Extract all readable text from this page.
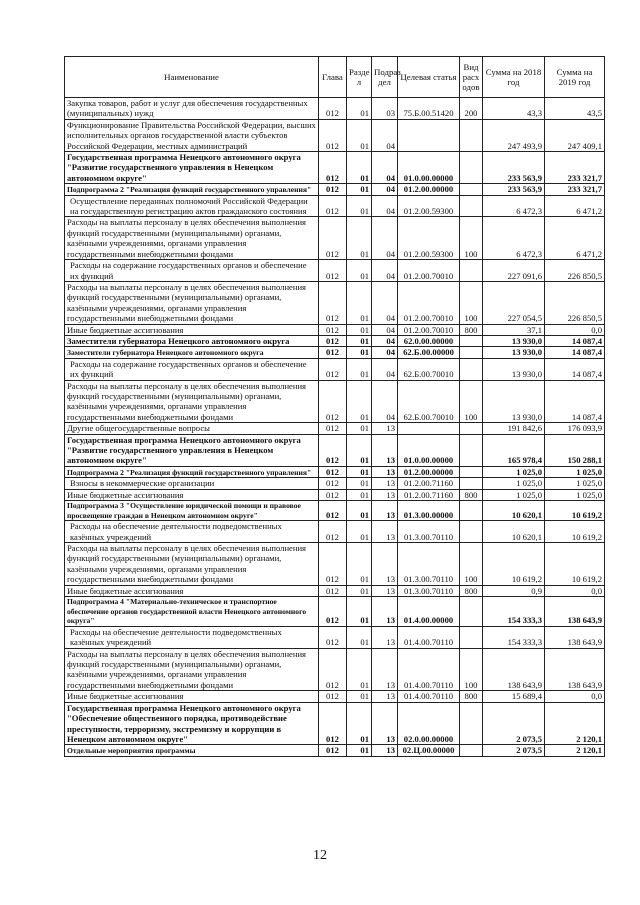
Наименование	Глава	Разде л	Подраз дел	Целевая статья	Вид расх одов	Сумма на 2018 год	Сумма на 2019 год
Закупка товаров, работ и услуг для обеспечения государственных (муниципальных) нужд	012	01	03	75.Б.00.51420	200	43,3	43,5
Функционирование Правительства Российской Федерации, высших исполнительных органов государственной власти субъектов Российской Федерации, местных администраций	012	01	04			247 493,9	247 409,1
Государственная программа Ненецкого автономного округа "Развитие государственного управления в Ненецком автономном округе"	012	01	04	01.0.00.00000		233 563,9	233 321,7
Подпрограмма 2 "Реализация функций государственного управления"	012	01	04	01.2.00.00000		233 563,9	233 321,7
Осуществление переданных полномочий Российской Федерации на государственную регистрацию актов гражданского состояния	012	01	04	01.2.00.59300		6 472,3	6 471,2
Расходы на выплаты персоналу в целях обеспечения выполнения функций государственными (муниципальными) органами, казёнными учреждениями, органами управления государственными внебюджетными фондами	012	01	04	01.2.00.59300	100	6 472,3	6 471,2
Расходы на содержание государственных органов и обеспечение их функций	012	01	04	01.2.00.70010		227 091,6	226 850,5
Расходы на выплаты персоналу в целях обеспечения выполнения функций государственными (муниципальными) органами, казёнными учреждениями, органами управления государственными внебюджетными фондами	012	01	04	01.2.00.70010	100	227 054,5	226 850,5
Иные бюджетные ассигнования	012	01	04	01.2.00.70010	800	37,1	0,0
Заместители губернатора Ненецкого автономного округа	012	01	04	62.0.00.00000		13 930,0	14 087,4
Заместители губернатора Ненецкого автономного округа	012	01	04	62.Б.00.00000		13 930,0	14 087,4
Расходы на содержание государственных органов и обеспечение их функций	012	01	04	62.Б.00.70010		13 930,0	14 087,4
Расходы на выплаты персоналу в целях обеспечения выполнения функций государственными (муниципальными) органами, казёнными учреждениями, органами управления государственными внебюджетными фондами	012	01	04	62.Б.00.70010	100	13 930,0	14 087,4
Другие общегосударственные вопросы	012	01	13			191 842,6	176 093,9
Государственная программа Ненецкого автономного округа "Развитие государственного управления в Ненецком автономном округе"	012	01	13	01.0.00.00000		165 978,4	150 288,1
Подпрограмма 2 "Реализация функций государственного управления"	012	01	13	01.2.00.00000		1 025,0	1 025,0
Взносы в некоммерческие организации	012	01	13	01.2.00.71160		1 025,0	1 025,0
Иные бюджетные ассигнования	012	01	13	01.2.00.71160	800	1 025,0	1 025,0
Подпрограмма 3 "Осуществление юридической помощи и правовое просвещение граждан в Ненецком автономном округе"	012	01	13	01.3.00.00000		10 620,1	10 619,2
Расходы на обеспечение деятельности подведомственных казённых учреждений	012	01	13	01.3.00.70110		10 620,1	10 619,2
Расходы на выплаты персоналу в целях обеспечения выполнения функций государственными (муниципальными) органами, казёнными учреждениями, органами управления государственными внебюджетными фондами	012	01	13	01.3.00.70110	100	10 619,2	10 619,2
Иные бюджетные ассигнования	012	01	13	01.3.00.70110	800	0,9	0,0
Подпрограмма 4 "Материально-техническое и транспортное обеспечение органов государственной власти Ненецкого автономного округа"	012	01	13	01.4.00.00000		154 333,3	138 643,9
Расходы на обеспечение деятельности подведомственных казённых учреждений	012	01	13	01.4.00.70110		154 333,3	138 643,9
Расходы на выплаты персоналу в целях обеспечения выполнения функций государственными (муниципальными) органами, казёнными учреждениями, органами управления государственными внебюджетными фондами	012	01	13	01.4.00.70110	100	138 643,9	138 643,9
Иные бюджетные ассигнования	012	01	13	01.4.00.70110	800	15 689,4	0,0
Государственная программа Ненецкого автономного округа "Обеспечение общественного порядка, противодействие преступности, терроризму, экстремизму и коррупции в Ненецком автономном округе"	012	01	13	02.0.00.00000		2 073,5	2 120,1
Отдельные мероприятия программы	012	01	13	02.Ц.00.00000		2 073,5	2 120,1
12
